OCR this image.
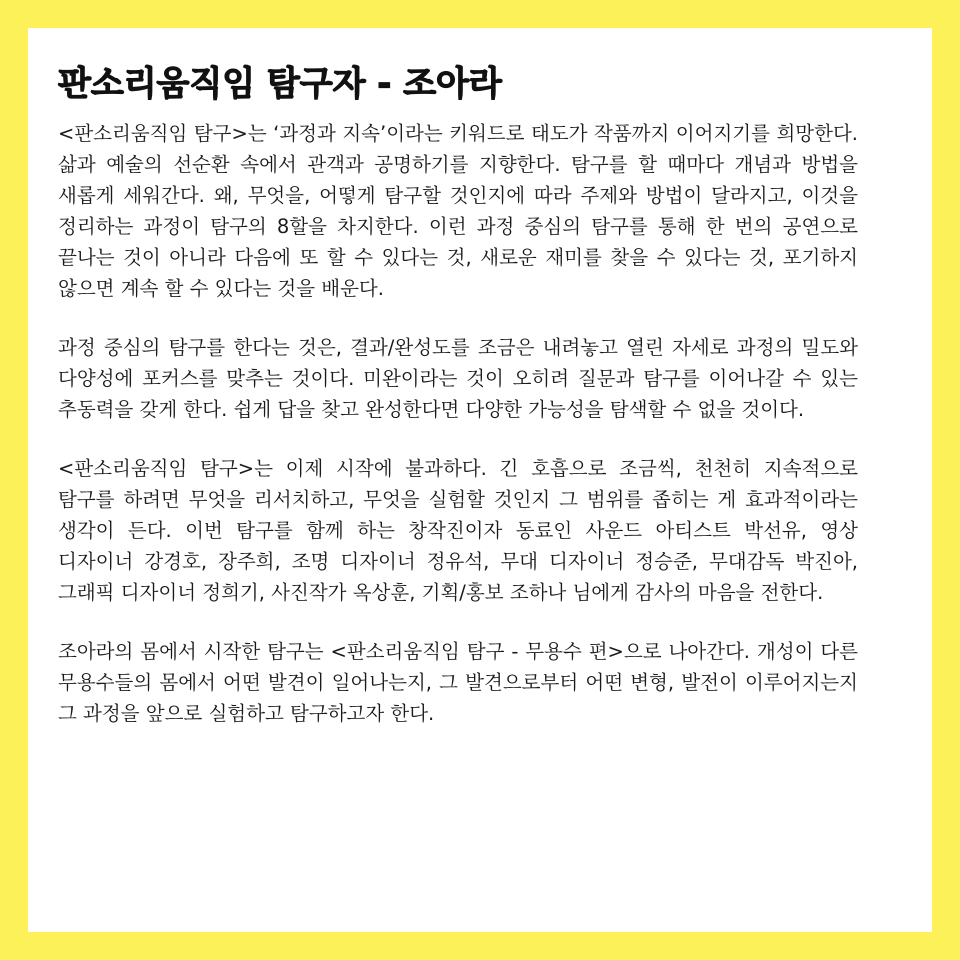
판소리움직임 탐구자 - 조아라

<판소리움직임 탐구>는 ‘과정과 지속’이라는 키워드로 태도가 작품까지 이어지기를 희망한다. 삶과 예술의 선순환 속에서 관객과 공명하기를 지향한다. 탐구를 할 때마다 개념과 방법을 새롭게 세워간다. 왜, 무엇을, 어떻게 탐구할 것인지에 따라 주제와 방법이 달라지고, 이것을 정리하는 과정이 탐구의 8할을 차지한다. 이런 과정 중심의 탐구를 통해 한 번의 공연으로 끝나는 것이 아니라 다음에 또 할 수 있다는 것, 새로운 재미를 찾을 수 있다는 것, 포기하지 않으면 계속 할 수 있다는 것을 배운다.

과정 중심의 탐구를 한다는 것은, 결과/완성도를 조금은 내려놓고 열린 자세로 과정의 밀도와 다양성에 포커스를 맞추는 것이다. 미완이라는 것이 오히려 질문과 탐구를 이어나갈 수 있는 추동력을 갖게 한다. 쉽게 답을 찾고 완성한다면 다양한 가능성을 탐색할 수 없을 것이다.

<판소리움직임 탐구>는 이제 시작에 불과하다. 긴 호흡으로 조금씩, 천천히 지속적으로 탐구를 하려면 무엇을 리서치하고, 무엇을 실험할 것인지 그 범위를 좁히는 게 효과적이라는 생각이 든다. 이번 탐구를 함께 하는 창작진이자 동료인 사운드 아티스트 박선유, 영상 디자이너 강경호, 장주희, 조명 디자이너 정유석, 무대 디자이너 정승준, 무대감독 박진아, 그래픽 디자이너 정희기, 사진작가 옥상훈, 기획/홍보 조하나 님에게 감사의 마음을 전한다.

조아라의 몸에서 시작한 탐구는 <판소리움직임 탐구 - 무용수 편>으로 나아간다. 개성이 다른 무용수들의 몸에서 어떤 발견이 일어나는지, 그 발견으로부터 어떤 변형, 발전이 이루어지는지 그 과정을 앞으로 실험하고 탐구하고자 한다.
